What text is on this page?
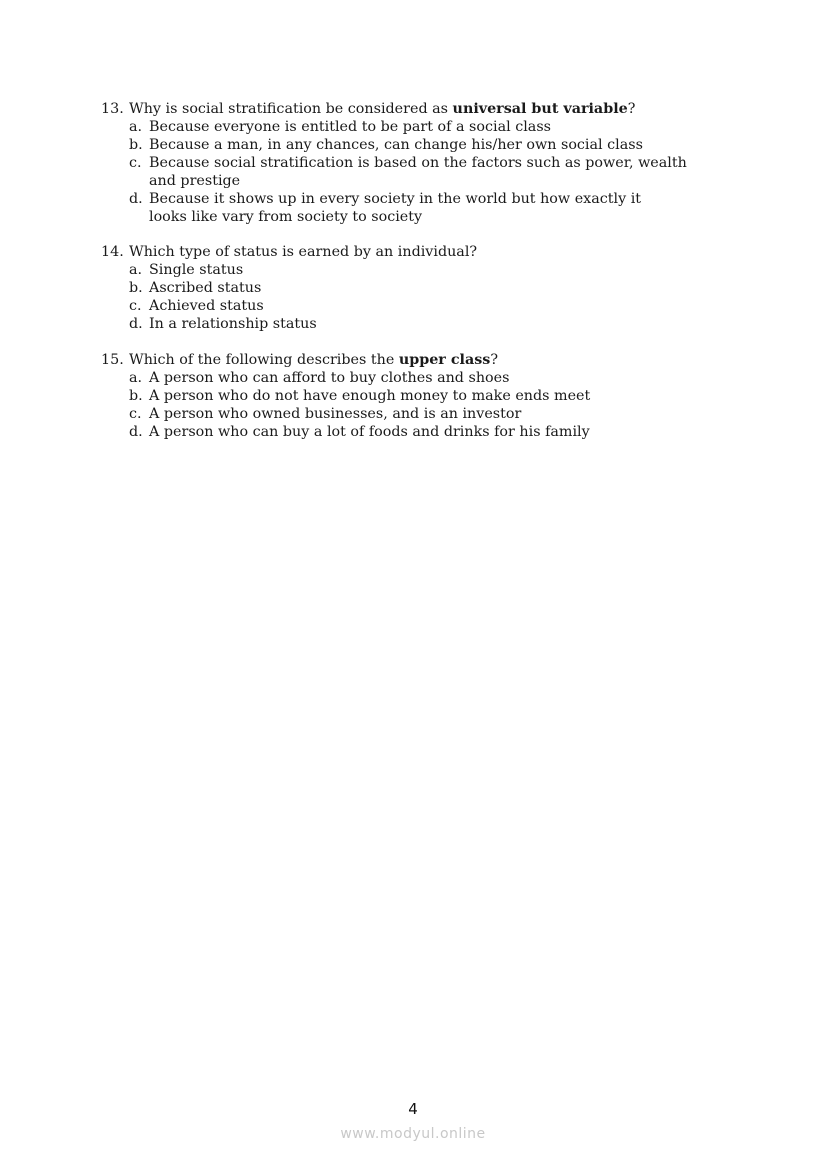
13. Why is social stratification be considered as universal but variable?
a. Because everyone is entitled to be part of a social class
b. Because a man, in any chances, can change his/her own social class
c. Because social stratification is based on the factors such as power, wealth and prestige
d. Because it shows up in every society in the world but how exactly it looks like vary from society to society
14. Which type of status is earned by an individual?
a. Single status
b. Ascribed status
c. Achieved status
d. In a relationship status
15. Which of the following describes the upper class?
a. A person who can afford to buy clothes and shoes
b. A person who do not have enough money to make ends meet
c. A person who owned businesses, and is an investor
d. A person who can buy a lot of foods and drinks for his family
4
www.modyul.online
